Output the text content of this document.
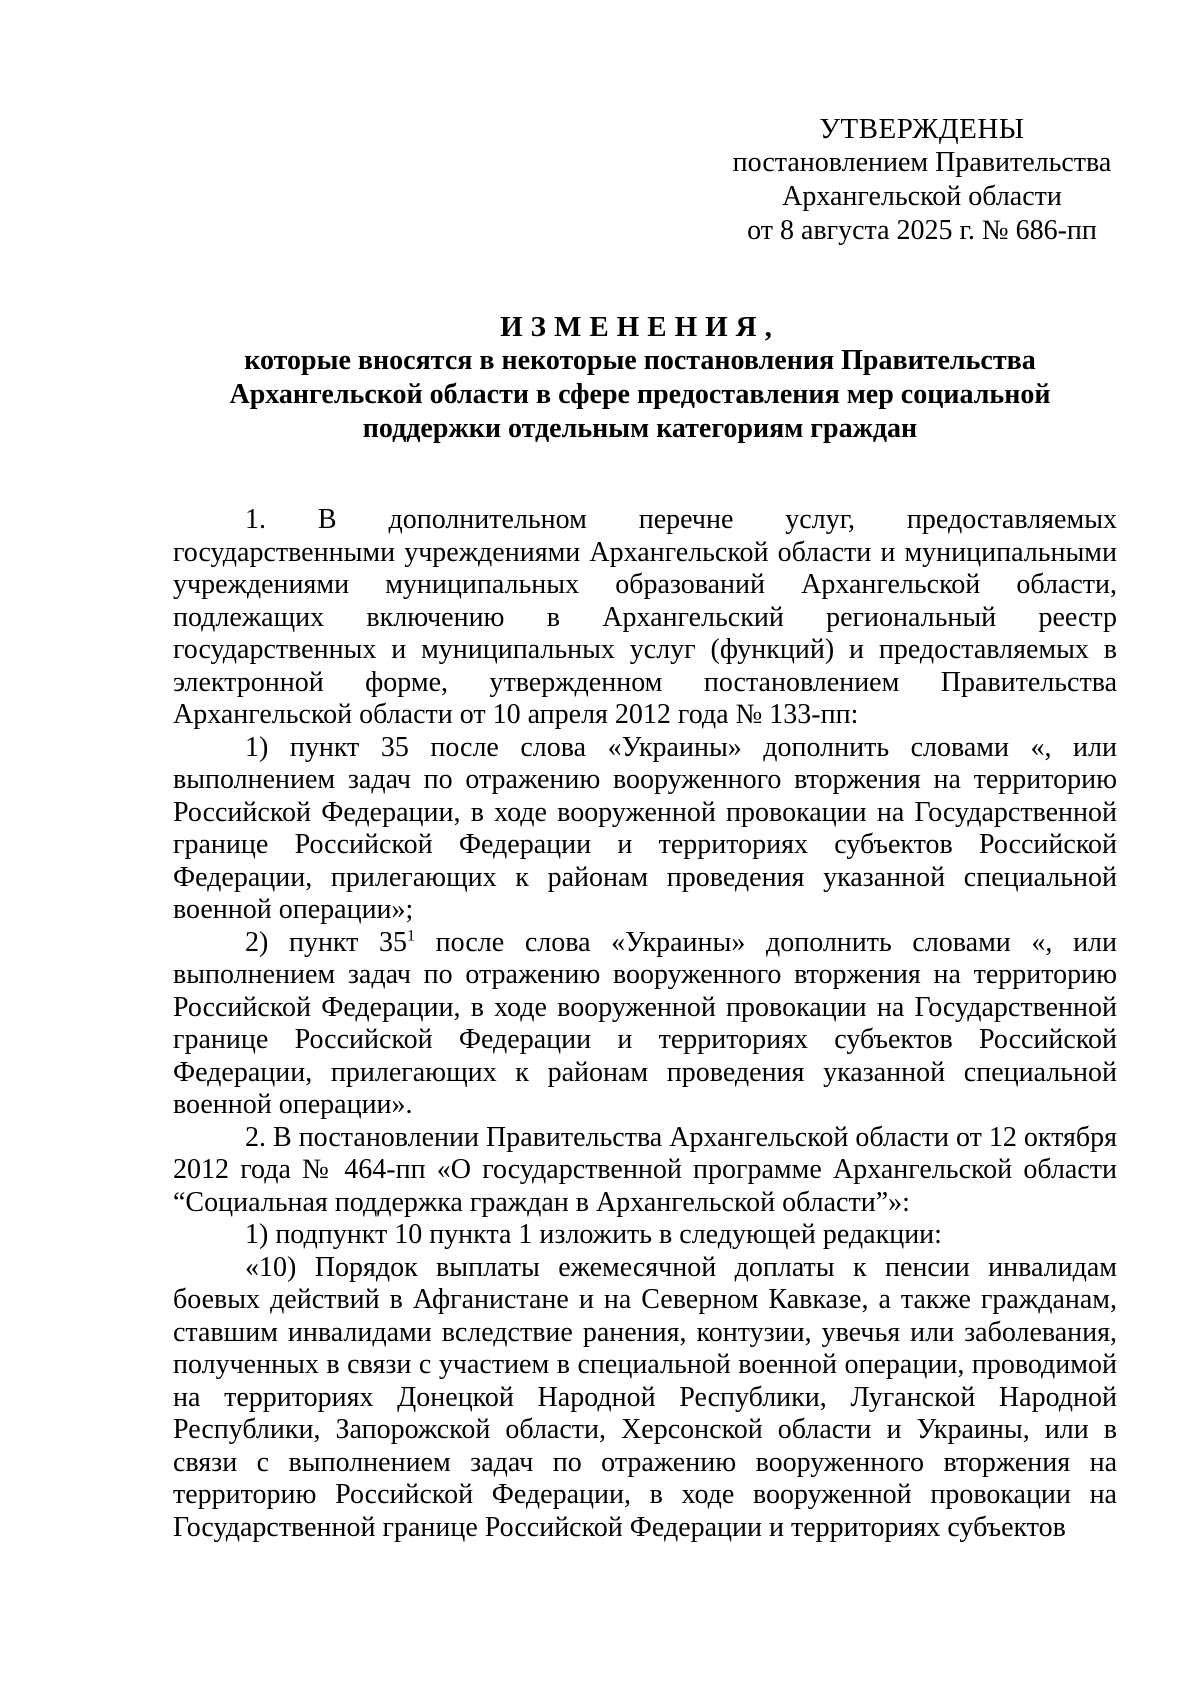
УТВЕРЖДЕНЫ
постановлением Правительства
Архангельской области
от 8 августа 2025 г. № 686-пп
ИЗМЕНЕНИЯ,
которые вносятся в некоторые постановления Правительства
Архангельской области в сфере предоставления мер социальной
поддержки отдельным категориям граждан

1. В дополнительном перечне услуг, предоставляемых государственными учреждениями Архангельской области и муниципальными учреждениями муниципальных образований Архангельской области, подлежащих включению в Архангельский региональный реестр государственных и муниципальных услуг (функций) и предоставляемых в электронной форме, утвержденном постановлением Правительства Архангельской области от 10 апреля 2012 года № 133-пп:

1) пункт 35 после слова «Украины» дополнить словами «, или выполнением задач по отражению вооруженного вторжения на территорию Российской Федерации, в ходе вооруженной провокации на Государственной границе Российской Федерации и территориях субъектов Российской Федерации, прилегающих к районам проведения указанной специальной военной операции»;

2) пункт $35^1$ после слова «Украины» дополнить словами «, или выполнением задач по отражению вооруженного вторжения на территорию Российской Федерации, в ходе вооруженной провокации на Государственной границе Российской Федерации и территориях субъектов Российской Федерации, прилегающих к районам проведения указанной специальной военной операции».

2. В постановлении Правительства Архангельской области от 12 октября 2012 года № 464-пп «О государственной программе Архангельской области “Социальная поддержка граждан в Архангельской области”»:

1) подпункт 10 пункта 1 изложить в следующей редакции:

«10) Порядок выплаты ежемесячной доплаты к пенсии инвалидам боевых действий в Афганистане и на Северном Кавказе, а также гражданам, ставшим инвалидами вследствие ранения, контузии, увечья или заболевания, полученных в связи с участием в специальной военной операции, проводимой на территориях Донецкой Народной Республики, Луганской Народной Республики, Запорожской области, Херсонской области и Украины, или в связи с выполнением задач по отражению вооруженного вторжения на территорию Российской Федерации, в ходе вооруженной провокации на Государственной границе Российской Федерации и территориях субъектов
